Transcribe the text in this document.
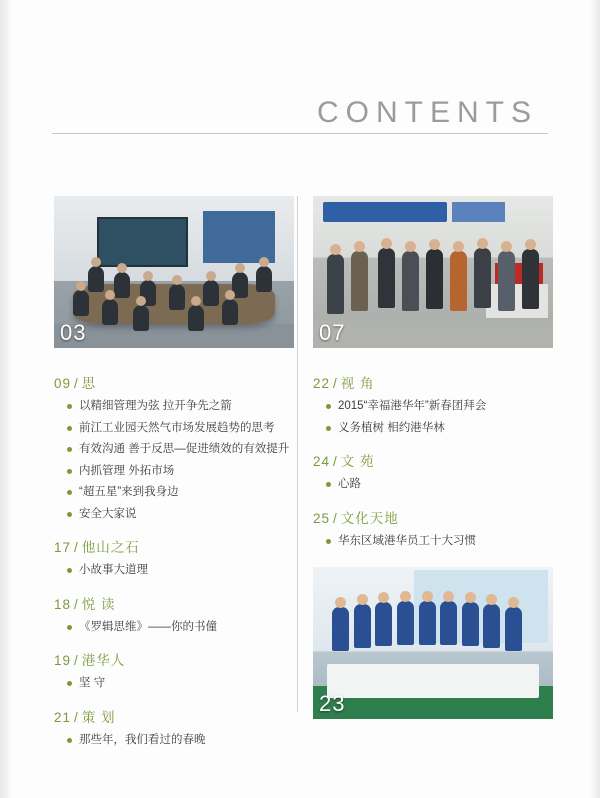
CONTENTS
03
09 / 思
以精细管理为弦 拉开争先之箭
前江工业园天然气市场发展趋势的思考
有效沟通 善于反思—促进绩效的有效提升
内抓管理 外拓市场
“超五星”来到我身边
安全大家说
17 / 他山之石
小故事大道理
18 / 悦 读
《罗辑思维》——你的书僮
19 / 港华人
坚 守
21 / 策 划
那些年，我们看过的春晚
07
22 / 视 角
2015“幸福港华年”新春团拜会
义务植树 相约港华林
24 / 文 苑
心路
25 / 文化天地
华东区域港华员工十大习惯
23
